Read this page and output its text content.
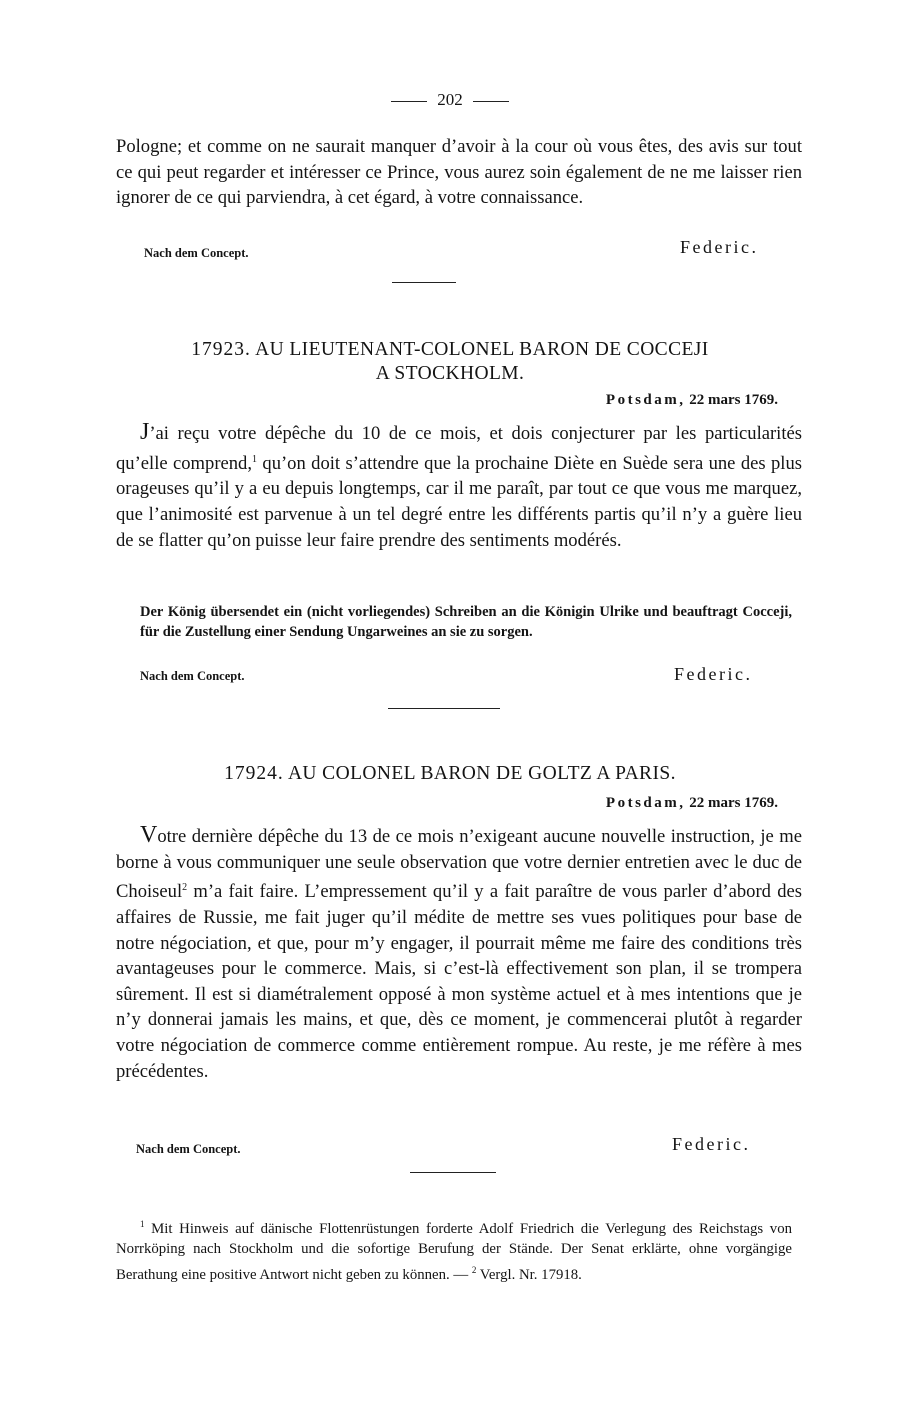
202

Pologne; et comme on ne saurait manquer d’avoir à la cour où vous êtes, des avis sur tout ce qui peut regarder et intéresser ce Prince, vous aurez soin également de ne me laisser rien ignorer de ce qui parviendra, à cet égard, à votre connaissance.

Nach dem Concept.	Federic.
17923. AU LIEUTENANT-COLONEL BARON DE COCCEJI
A STOCKHOLM.
Potsdam, 22 mars 1769.

J’ai reçu votre dépêche du 10 de ce mois, et dois conjecturer par les particularités qu’elle comprend,$^1$ qu’on doit s’attendre que la prochaine Diète en Suède sera une des plus orageuses qu’il y a eu depuis longtemps, car il me paraît, par tout ce que vous me marquez, que l’animosité est parvenue à un tel degré entre les différents partis qu’il n’y a guère lieu de se flatter qu’on puisse leur faire prendre des sentiments modérés.

Der König übersendet ein (nicht vorliegendes) Schreiben an die Königin Ulrike und beauftragt Cocceji, für die Zustellung einer Sendung Ungarweines an sie zu sorgen.

Nach dem Concept.	Federic.
17924. AU COLONEL BARON DE GOLTZ A PARIS.
Potsdam, 22 mars 1769.

Votre dernière dépêche du 13 de ce mois n’exigeant aucune nouvelle instruction, je me borne à vous communiquer une seule observation que votre dernier entretien avec le duc de Choiseul$^2$ m’a fait faire. L’empressement qu’il y a fait paraître de vous parler d’abord des affaires de Russie, me fait juger qu’il médite de mettre ses vues politiques pour base de notre négociation, et que, pour m’y engager, il pourrait même me faire des conditions très avantageuses pour le commerce. Mais, si c’est-là effectivement son plan, il se trompera sûrement. Il est si diamétralement opposé à mon système actuel et à mes intentions que je n’y donnerai jamais les mains, et que, dès ce moment, je commencerai plutôt à regarder votre négociation de commerce comme entièrement rompue. Au reste, je me réfère à mes précédentes.

Nach dem Concept.	Federic.

$^1$ Mit Hinweis auf dänische Flottenrüstungen forderte Adolf Friedrich die Verlegung des Reichstags von Norrköping nach Stockholm und die sofortige Berufung der Stände. Der Senat erklärte, ohne vorgängige Berathung eine positive Antwort nicht geben zu können. — $^2$ Vergl. Nr. 17918.
